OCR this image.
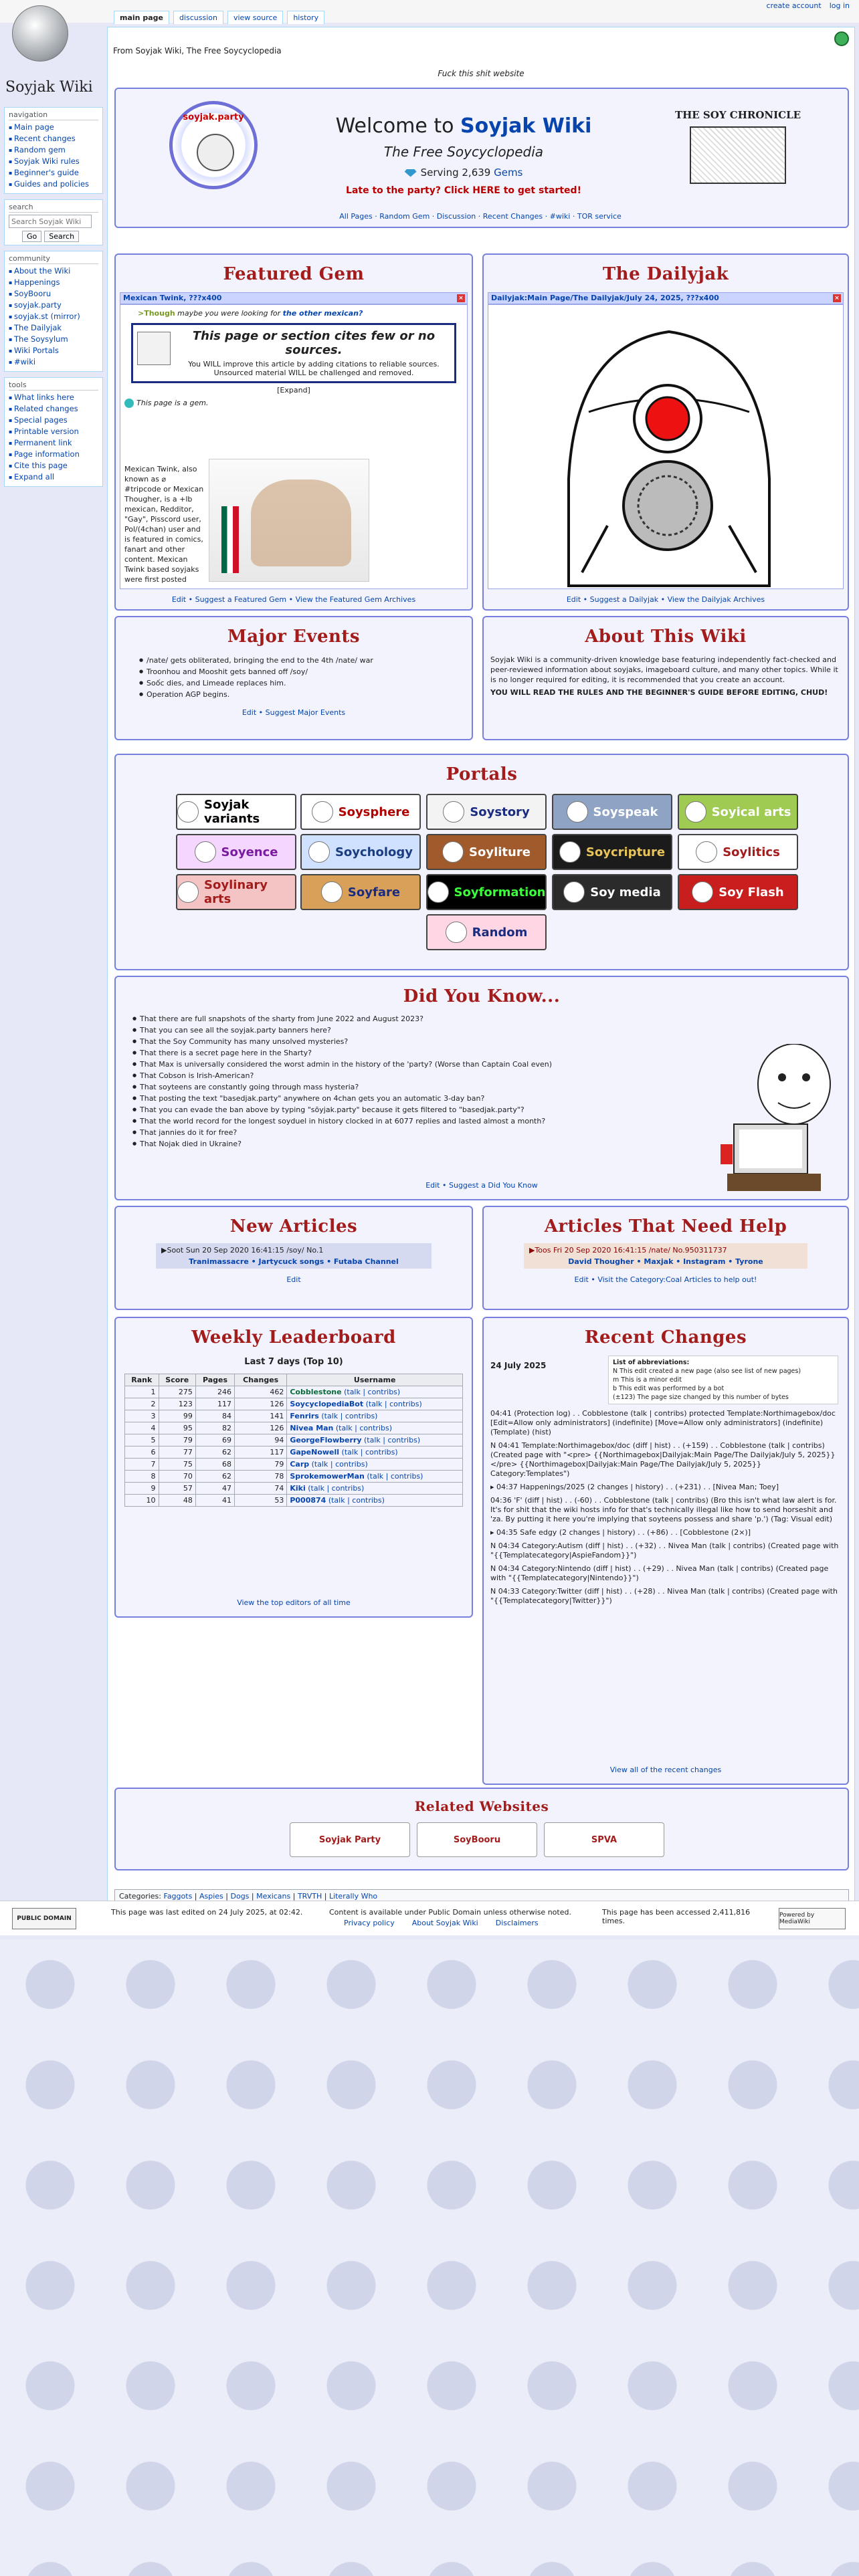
Soyjak Wiki
create account log in
main page	discussion	view source	history
navigation
▪ Main page
▪ Recent changes
▪ Random gem
▪ Soyjak Wiki rules
▪ Beginner's guide
▪ Guides and policies
search
Search Soyjak Wiki
Go	Search
community
▪ About the Wiki
▪ Happenings
▪ SoyBooru
▪ soyjak.party
▪ soyjak.st (mirror)
▪ The Dailyjak
▪ The Soysylum
▪ Wiki Portals
▪ #wiki
tools
▪ What links here
▪ Related changes
▪ Special pages
▪ Printable version
▪ Permanent link
▪ Page information
▪ Cite this page
▪ Expand all
From Soyjak Wiki, The Free Soycyclopedia
Fuck this shit website
soyjak.party	Welcome to Soyjak Wiki
The Free Soycyclopedia
Serving 2,639 Gems
Late to the party? Click HERE to get started!
THE SOY CHRONICLE
All Pages · Random Gem · Discussion · Recent Changes · #wiki · TOR service
Featured Gem
Mexican Twink, ???x400	×
>Though maybe you were looking for the other mexican?
This page or section cites few or no sources.
You WILL improve this article by adding citations to reliable sources. Unsourced material WILL be challenged and removed.
[Expand]
This page is a gem.
Mexican Twink, also known as ⌀ #tripcode or Mexican Thougher, is a +lb mexican, Redditor, "Gay", Pisscord user, Pol/(4chan) user and is featured in comics, fanart and other content. Mexican Twink based soyjaks were first posted
Edit • Suggest a Featured Gem • View the Featured Gem Archives
The Dailyjak
Dailyjak:Main Page/The Dailyjak/July 24, 2025, ???x400	×
Edit • Suggest a Dailyjak • View the Dailyjak Archives
Major Events
● /nate/ gets obliterated, bringing the end to the 4th /nate/ war
● Troonhou and Mooshit gets banned off /soy/
● Soốc dies, and Limeade replaces him.
● Operation AGP begins.
Edit • Suggest Major Events
About This Wiki
Soyjak Wiki is a community-driven knowledge base featuring independently fact-checked and peer-reviewed information about soyjaks, imageboard culture, and many other topics. While it is no longer required for editing, it is recommended that you create an account.
YOU WILL READ THE RULES AND THE BEGINNER'S GUIDE BEFORE EDITING, CHUD!
Portals
Soyjak variants	Soysphere	Soystory	Soyspeak	Soyical arts
Soyence	Soychology	Soyliture	Soycripture	Soylitics
Soylinary arts	Soyfare	Soyformation	Soy media	Soy Flash
Random
Did You Know...
● That there are full snapshots of the sharty from June 2022 and August 2023?
● That you can see all the soyjak.party banners here?
● That the Soy Community has many unsolved mysteries?
● That there is a secret page here in the Sharty?
● That Max is universally considered the worst admin in the history of the 'party? (Worse than Captain Coal even)
● That Cobson is Irish-American?
● That soyteens are constantly going through mass hysteria?
● That posting the text "basedjak.party" anywhere on 4chan gets you an automatic 3-day ban?
● That you can evade the ban above by typing "sōyjak.party" because it gets filtered to "basedjak.party"?
● That the world record for the longest soyduel in history clocked in at 6077 replies and lasted almost a month?
● That jannies do it for free?
● That Nojak died in Ukraine?
Edit • Suggest a Did You Know
New Articles
▶Soot Sun 20 Sep 2020 16:41:15 /soy/ No.1
Tranimassacre • Jartycuck songs • Futaba Channel
Edit
Articles That Need Help
▶Toos Fri 20 Sep 2020 16:41:15 /nate/ No.950311737
David Thougher • Maxjak • Instagram • Tyrone
Edit • Visit the Category:Coal Articles to help out!
Weekly Leaderboard
Last 7 days (Top 10)
Rank	Score	Pages	Changes	Username
1	275	246	462	Cobblestone (talk | contribs)
2	123	117	126	SoycyclopediaBot (talk | contribs)
3	99	84	141	Fenrirs (talk | contribs)
4	95	82	126	Nivea Man (talk | contribs)
5	79	69	94	GeorgeFlowberry (talk | contribs)
6	77	62	117	GapeNowell (talk | contribs)
7	75	68	79	Carp (talk | contribs)
8	70	62	78	SprokemowerMan (talk | contribs)
9	57	47	74	Kiki (talk | contribs)
10	48	41	53	P000874 (talk | contribs)
View the top editors of all time
Recent Changes
24 July 2025	List of abbreviations:
N This edit created a new page (also see list of new pages)
m This is a minor edit
b This edit was performed by a bot
(±123) The page size changed by this number of bytes
04:41 (Protection log) . . Cobblestone (talk | contribs) protected Template:Northimagebox/doc [Edit=Allow only administrators] (indefinite) [Move=Allow only administrators] (indefinite) (Template) (hist)
N 04:41 Template:Northimagebox/doc (diff | hist) . . (+159) . . Cobblestone (talk | contribs) (Created page with "<pre> {{Northimagebox|Dailyjak:Main Page/The Dailyjak/July 5, 2025}}</pre> {{Northimagebox|Dailyjak:Main Page/The Dailyjak/July 5, 2025}} Category:Templates")
▸ 04:37 Happenings/2025 (2 changes | history) . . (+231) . . [Nivea Man; Toey]
04:36 'F' (diff | hist) . . (-60) . . Cobblestone (talk | contribs) (Bro this isn't what law alert is for. It's for shit that the wiki hosts info for that's technically illegal like how to send horseshit and 'za. By putting it here you're implying that soyteens possess and share 'p.') (Tag: Visual edit)
▸ 04:35 Safe edgy (2 changes | history) . . (+86) . . [Cobblestone (2×)]
N 04:34 Category:Autism (diff | hist) . . (+32) . . Nivea Man (talk | contribs) (Created page with "{{Templatecategory|AspieFandom}}")
N 04:34 Category:Nintendo (diff | hist) . . (+29) . . Nivea Man (talk | contribs) (Created page with "{{Templatecategory|Nintendo}}")
N 04:33 Category:Twitter (diff | hist) . . (+28) . . Nivea Man (talk | contribs) (Created page with "{{Templatecategory|Twitter}}")
View all of the recent changes
Related Websites
Soyjak Party	SoyBooru	SPVA
Categories: Faggots | Aspies | Dogs | Mexicans | TRVTH | Literally Who
PUBLIC DOMAIN
This page was last edited on 24 July 2025, at 02:42.	Content is available under Public Domain unless otherwise noted.
Privacy policy About Soyjak Wiki Disclaimers
This page has been accessed 2,411,816 times.
Powered by MediaWiki
